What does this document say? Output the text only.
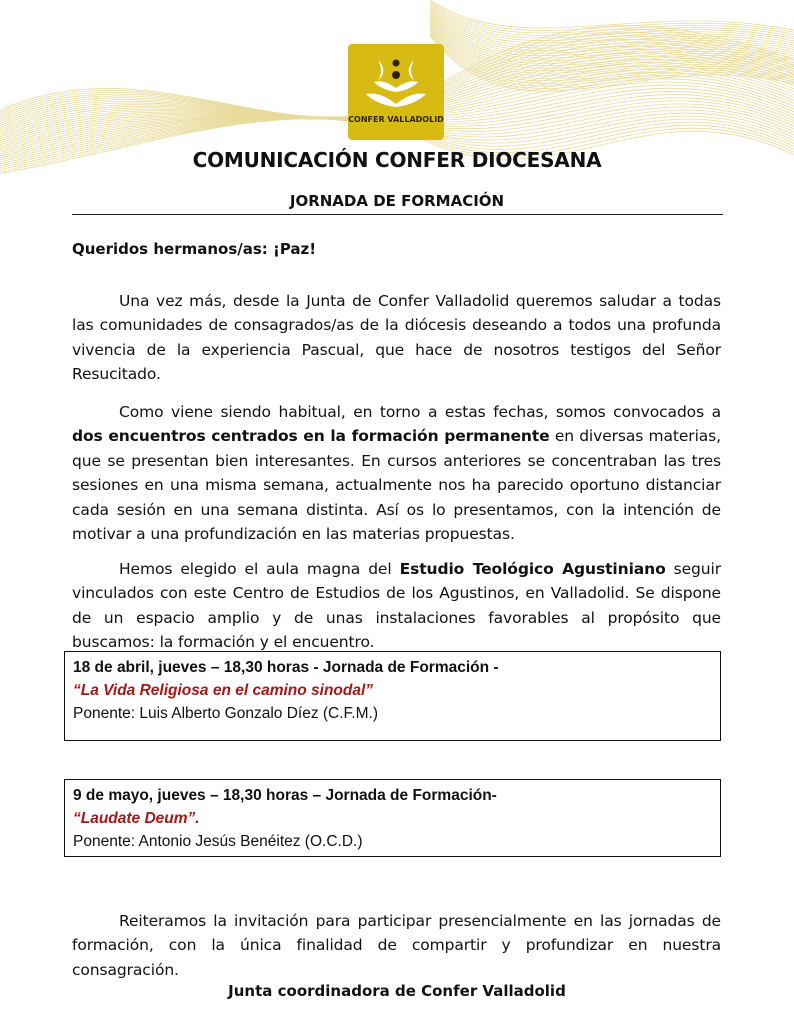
CONFER VALLADOLID
COMUNICACIÓN CONFER DIOCESANA
JORNADA DE FORMACIÓN
Queridos hermanos/as: ¡Paz!

Una vez más, desde la Junta de Confer Valladolid queremos saludar a todas las comunidades de consagrados/as de la diócesis deseando a todos una profunda vivencia de la experiencia Pascual, que hace de nosotros testigos del Señor Resucitado.

Como viene siendo habitual, en torno a estas fechas, somos convocados a dos encuentros centrados en la formación permanente en diversas materias, que se presentan bien interesantes. En cursos anteriores se concentraban las tres sesiones en una misma semana, actualmente nos ha parecido oportuno distanciar cada sesión en una semana distinta. Así os lo presentamos, con la intención de motivar a una profundización en las materias propuestas.

Hemos elegido el aula magna del Estudio Teológico Agustiniano seguir vinculados con este Centro de Estudios de los Agustinos, en Valladolid. Se dispone de un espacio amplio y de unas instalaciones favorables al propósito que buscamos: la formación y el encuentro.

18 de abril, jueves – 18,30 horas - Jornada de Formación -
“La Vida Religiosa en el camino sinodal”
Ponente: Luis Alberto Gonzalo Díez (C.F.M.)
9 de mayo, jueves – 18,30 horas – Jornada de Formación-
“Laudate Deum”.
Ponente: Antonio Jesús Benéitez (O.C.D.)

Reiteramos la invitación para participar presencialmente en las jornadas de formación, con la única finalidad de compartir y profundizar en nuestra consagración.

Junta coordinadora de Confer Valladolid
